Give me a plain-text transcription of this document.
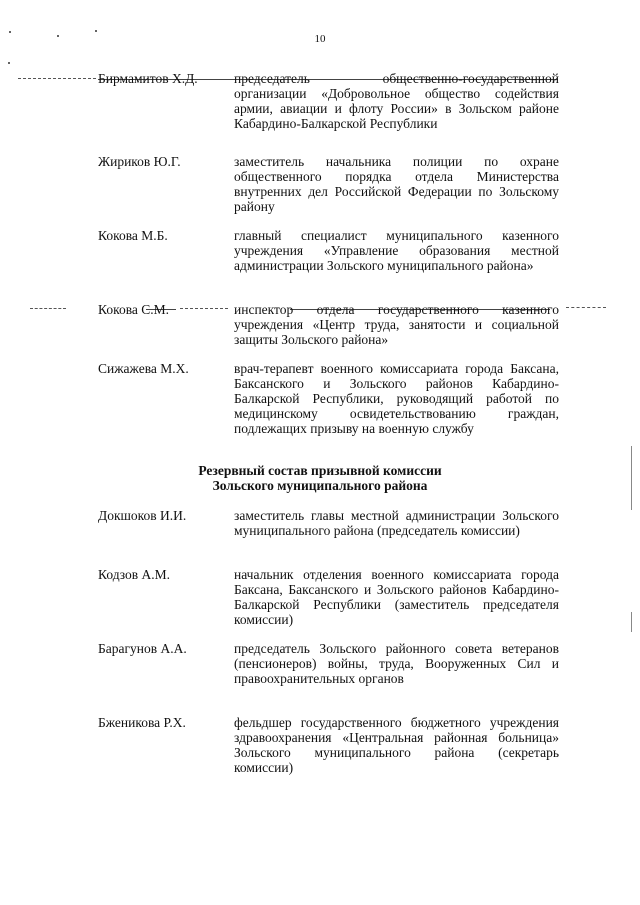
10
Бирмамитов Х.Д.	председатель общественно-государственной организации «Добровольное общество содействия армии, авиации и флоту России» в Зольском районе Кабардино-Балкарской Республики
Жириков Ю.Г.	заместитель начальника полиции по охране общественного порядка отдела Министерства внутренних дел Российской Федерации по Зольскому району
Кокова М.Б.	главный специалист муниципального казенного учреждения «Управление образования местной администрации Зольского муниципального района»
Кокова С.М.	инспектор отдела государственного казенного учреждения «Центр труда, занятости и социальной защиты Зольского района»
Сижажева М.Х.	врач-терапевт военного комиссариата города Баксана, Баксанского и Зольского районов Кабардино-Балкарской Республики, руководящий работой по медицинскому освидетельствованию граждан, подлежащих призыву на военную службу
Резервный состав призывной комиссии
Зольского муниципального района
Докшоков И.И.	заместитель главы местной администрации Зольского муниципального района (председатель комиссии)
Кодзов А.М.	начальник отделения военного комиссариата города Баксана, Баксанского и Зольского районов Кабардино-Балкарской Республики (заместитель председателя комиссии)
Барагунов А.А.	председатель Зольского районного совета ветеранов (пенсионеров) войны, труда, Вооруженных Сил и правоохранительных органов
Бженикова Р.Х.	фельдшер государственного бюджетного учреждения здравоохранения «Центральная районная больница» Зольского муниципального района (секретарь комиссии)
